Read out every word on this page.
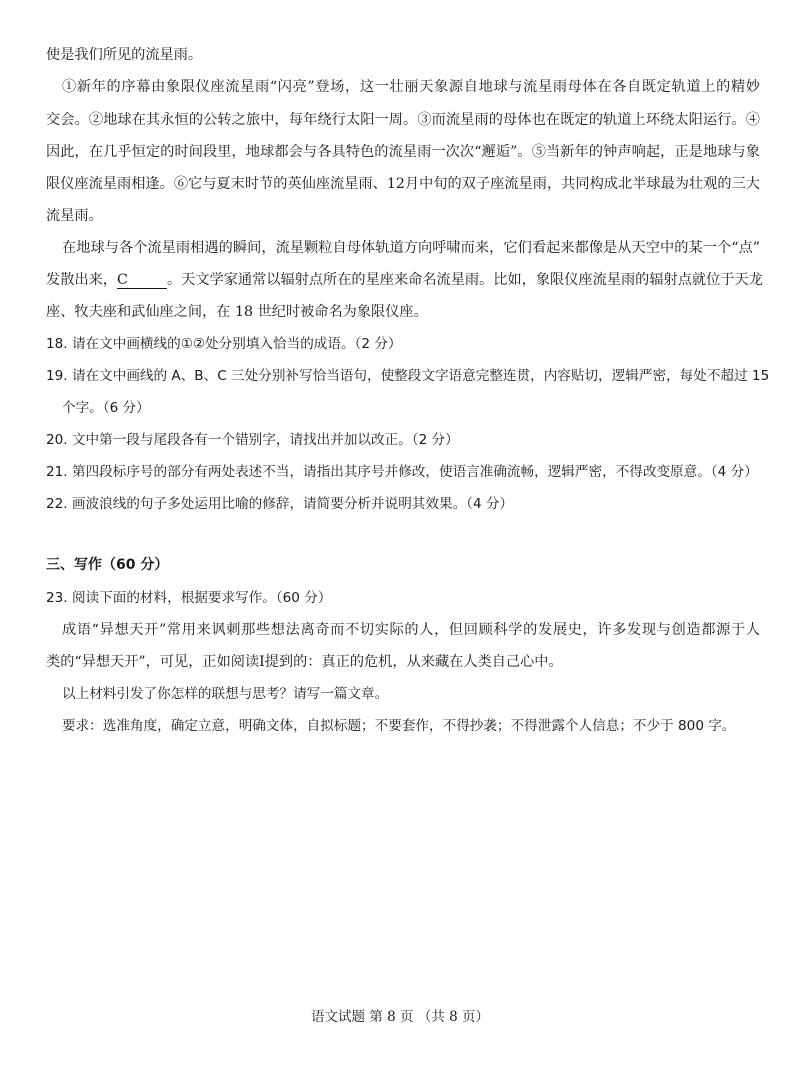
使是我们所见的流星雨。
①新年的序幕由象限仪座流星雨“闪亮”登场，这一壮丽天象源自地球与流星雨母体在各自既定轨道上的精妙
交会。②地球在其永恒的公转之旅中，每年绕行太阳一周。③而流星雨的母体也在既定的轨道上环绕太阳运行。④
因此，在几乎恒定的时间段里，地球都会与各具特色的流星雨一次次“邂逅”。⑤当新年的钟声响起，正是地球与象
限仪座流星雨相逢。⑥它与夏末时节的英仙座流星雨、12月中旬的双子座流星雨，共同构成北半球最为壮观的三大
流星雨。
在地球与各个流星雨相遇的瞬间，流星颗粒自母体轨道方向呼啸而来，它们看起来都像是从天空中的某一个“点”
发散出来，C	。天文学家通常以辐射点所在的星座来命名流星雨。比如，象限仪座流星雨的辐射点就位于天龙
座、牧夫座和武仙座之间，在 18 世纪时被命名为象限仪座。
18. 请在文中画横线的①②处分别填入恰当的成语。（2 分）
19. 请在文中画线的 A、B、C 三处分别补写恰当语句，使整段文字语意完整连贯，内容贴切，逻辑严密，每处不超过 15
个字。（6 分）
20. 文中第一段与尾段各有一个错别字，请找出并加以改正。（2 分）
21. 第四段标序号的部分有两处表述不当，请指出其序号并修改，使语言准确流畅，逻辑严密，不得改变原意。（4 分）
22. 画波浪线的句子多处运用比喻的修辞，请简要分析并说明其效果。（4 分）
三、写作（60 分）
23. 阅读下面的材料，根据要求写作。（60 分）
成语“异想天开”常用来讽刺那些想法离奇而不切实际的人，但回顾科学的发展史，许多发现与创造都源于人
类的“异想天开”，可见，正如阅读Ⅰ提到的：真正的危机，从来藏在人类自己心中。
以上材料引发了你怎样的联想与思考？请写一篇文章。
要求：选准角度，确定立意，明确文体，自拟标题；不要套作，不得抄袭；不得泄露个人信息；不少于 800 字。
语文试题 第 8 页 （共 8 页）
